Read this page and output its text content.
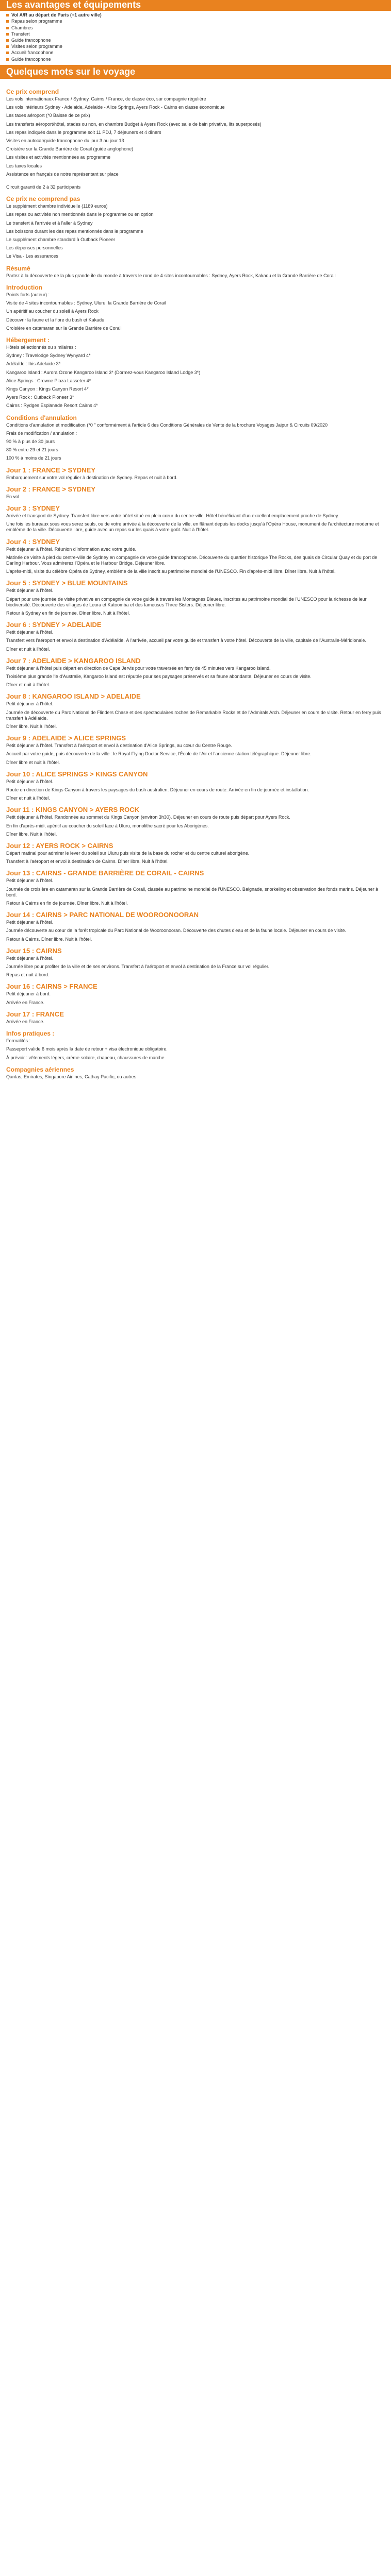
Les avantages et équipements
Vol A/R au départ de Paris (+1 autre ville)
Repas selon programme
Chambres
Transfert
Guide francophone
Visites selon programme
Accueil francophone
Guide francophone
Quelques mots sur le voyage
Ce prix comprend

Les vols internationaux France / Sydney, Cairns / France, de classe éco, sur compagnie régulière

Les vols intérieurs Sydney - Adelaide, Adelaide - Alice Springs, Ayers Rock - Cairns en classe économique

Les taxes aéroport (*0 Baisse de ce prix)

Les transferts aéroport/hôtel, stades ou non, en chambre Budget à Ayers Rock (avec salle de bain privative, lits superposés)

Les repas indiqués dans le programme soit 11 PDJ, 7 déjeuners et 4 dîners

Visites en autocar/guide francophone du jour 3 au jour 13

Croisière sur la Grande Barrière de Corail (guide anglophone)

Les visites et activités mentionnées au programme

Les taxes locales

Assistance en français de notre représentant sur place

Circuit garanti de 2 à 32 participants

Ce prix ne comprend pas

Le supplément chambre individuelle (1189 euros)

Les repas ou activités non mentionnés dans le programme ou en option

Le transfert à l'arrivée et à l'aller à Sydney

Les boissons durant les des repas mentionnés dans le programme

Le supplément chambre standard à Outback Pioneer

Les dépenses personnelles

Le Visa - Les assurances

Résumé

Partez à la découverte de la plus grande île du monde à travers le rond de 4 sites incontournables : Sydney, Ayers Rock, Kakadu et la Grande Barrière de Corail

Introduction

Points forts (auteur) :

Visite de 4 sites incontournables : Sydney, Uluru, la Grande Barrière de Corail

Un apéritif au coucher du soleil à Ayers Rock

Découvrir la faune et la flore du bush et Kakadu

Croisière en catamaran sur la Grande Barrière de Corail

Hébergement :

Hôtels sélectionnés ou similaires :

Sydney : Travelodge Sydney Wynyard 4*

Adélaïde : Ibis Adelaide 3*

Kangaroo Island : Aurora Ozone Kangaroo Island 3* (Dormez-vous Kangaroo Island Lodge 3*)

Alice Springs : Crowne Plaza Lasseter 4*

Kings Canyon : Kings Canyon Resort 4*

Ayers Rock : Outback Pioneer 3*

Cairns : Rydges Esplanade Resort Cairns 4*

Conditions d'annulation

Conditions d'annulation et modification (*0 " conformément à l'article 6 des Conditions Générales de Vente de la brochure Voyages Jaipur & Circuits 09/2020

Frais de modification / annulation :

90 % à plus de 30 jours

80 % entre 29 et 21 jours

100 % à moins de 21 jours

Jour 1 : FRANCE > SYDNEY

Embarquement sur votre vol régulier à destination de Sydney. Repas et nuit à bord.

Jour 2 : FRANCE > SYDNEY

En vol

Jour 3 : SYDNEY

Arrivée et transport de Sydney. Transfert libre vers votre hôtel situé en plein cœur du centre-ville. Hôtel bénéficiant d'un excellent emplacement proche de Sydney.

Une fois les bureaux sous vous serez seuls, ou de votre arrivée à la découverte de la ville, en flânant depuis les docks jusqu'à l'Opéra House, monument de l'architecture moderne et emblème de la ville. Découverte libre, guide avec un repas sur les quais à votre goût. Nuit à l'hôtel.

Jour 4 : SYDNEY

Petit déjeuner à l'hôtel. Réunion d'information avec votre guide.

Matinée de visite à pied du centre-ville de Sydney en compagnie de votre guide francophone. Découverte du quartier historique The Rocks, des quais de Circular Quay et du port de Darling Harbour. Vous admirerez l'Opéra et le Harbour Bridge. Déjeuner libre.

L'après-midi, visite du célèbre Opéra de Sydney, emblème de la ville inscrit au patrimoine mondial de l'UNESCO. Fin d'après-midi libre. Dîner libre. Nuit à l'hôtel.

Jour 5 : SYDNEY > BLUE MOUNTAINS

Petit déjeuner à l'hôtel.

Départ pour une journée de visite privative en compagnie de votre guide à travers les Montagnes Bleues, inscrites au patrimoine mondial de l'UNESCO pour la richesse de leur biodiversité. Découverte des villages de Leura et Katoomba et des fameuses Three Sisters. Déjeuner libre.

Retour à Sydney en fin de journée. Dîner libre. Nuit à l'hôtel.

Jour 6 : SYDNEY > ADELAIDE

Petit déjeuner à l'hôtel.

Transfert vers l'aéroport et envol à destination d'Adélaïde. À l'arrivée, accueil par votre guide et transfert à votre hôtel. Découverte de la ville, capitale de l'Australie-Méridionale.

Dîner et nuit à l'hôtel.

Jour 7 : ADELAIDE > KANGAROO ISLAND

Petit déjeuner à l'hôtel puis départ en direction de Cape Jervis pour votre traversée en ferry de 45 minutes vers Kangaroo Island.

Troisième plus grande île d'Australie, Kangaroo Island est réputée pour ses paysages préservés et sa faune abondante. Déjeuner en cours de visite.

Dîner et nuit à l'hôtel.

Jour 8 : KANGAROO ISLAND > ADELAIDE

Petit déjeuner à l'hôtel.

Journée de découverte du Parc National de Flinders Chase et des spectaculaires roches de Remarkable Rocks et de l'Admirals Arch. Déjeuner en cours de visite. Retour en ferry puis transfert à Adélaïde.

Dîner libre. Nuit à l'hôtel.

Jour 9 : ADELAIDE > ALICE SPRINGS

Petit déjeuner à l'hôtel. Transfert à l'aéroport et envol à destination d'Alice Springs, au cœur du Centre Rouge.

Accueil par votre guide, puis découverte de la ville : le Royal Flying Doctor Service, l'École de l'Air et l'ancienne station télégraphique. Déjeuner libre.

Dîner libre et nuit à l'hôtel.

Jour 10 : ALICE SPRINGS > KINGS CANYON

Petit déjeuner à l'hôtel.

Route en direction de Kings Canyon à travers les paysages du bush australien. Déjeuner en cours de route. Arrivée en fin de journée et installation.

Dîner et nuit à l'hôtel.

Jour 11 : KINGS CANYON > AYERS ROCK

Petit déjeuner à l'hôtel. Randonnée au sommet du Kings Canyon (environ 3h30). Déjeuner en cours de route puis départ pour Ayers Rock.

En fin d'après-midi, apéritif au coucher du soleil face à Uluru, monolithe sacré pour les Aborigènes.

Dîner libre. Nuit à l'hôtel.

Jour 12 : AYERS ROCK > CAIRNS

Départ matinal pour admirer le lever du soleil sur Uluru puis visite de la base du rocher et du centre culturel aborigène.

Transfert à l'aéroport et envol à destination de Cairns. Dîner libre. Nuit à l'hôtel.

Jour 13 : CAIRNS - GRANDE BARRIÈRE DE CORAIL - CAIRNS

Petit déjeuner à l'hôtel.

Journée de croisière en catamaran sur la Grande Barrière de Corail, classée au patrimoine mondial de l'UNESCO. Baignade, snorkeling et observation des fonds marins. Déjeuner à bord.

Retour à Cairns en fin de journée. Dîner libre. Nuit à l'hôtel.

Jour 14 : CAIRNS > PARC NATIONAL DE WOOROONOORAN

Petit déjeuner à l'hôtel.

Journée découverte au cœur de la forêt tropicale du Parc National de Wooroonooran. Découverte des chutes d'eau et de la faune locale. Déjeuner en cours de visite.

Retour à Cairns. Dîner libre. Nuit à l'hôtel.

Jour 15 : CAIRNS

Petit déjeuner à l'hôtel.

Journée libre pour profiter de la ville et de ses environs. Transfert à l'aéroport et envol à destination de la France sur vol régulier.

Repas et nuit à bord.

Jour 16 : CAIRNS > FRANCE

Petit déjeuner à bord.

Arrivée en France.

Jour 17 : FRANCE

Arrivée en France.

Infos pratiques :

Formalités :

Passeport valide 6 mois après la date de retour + visa électronique obligatoire.

À prévoir : vêtements légers, crème solaire, chapeau, chaussures de marche.

Compagnies aériennes

Qantas, Emirates, Singapore Airlines, Cathay Pacific, ou autres
